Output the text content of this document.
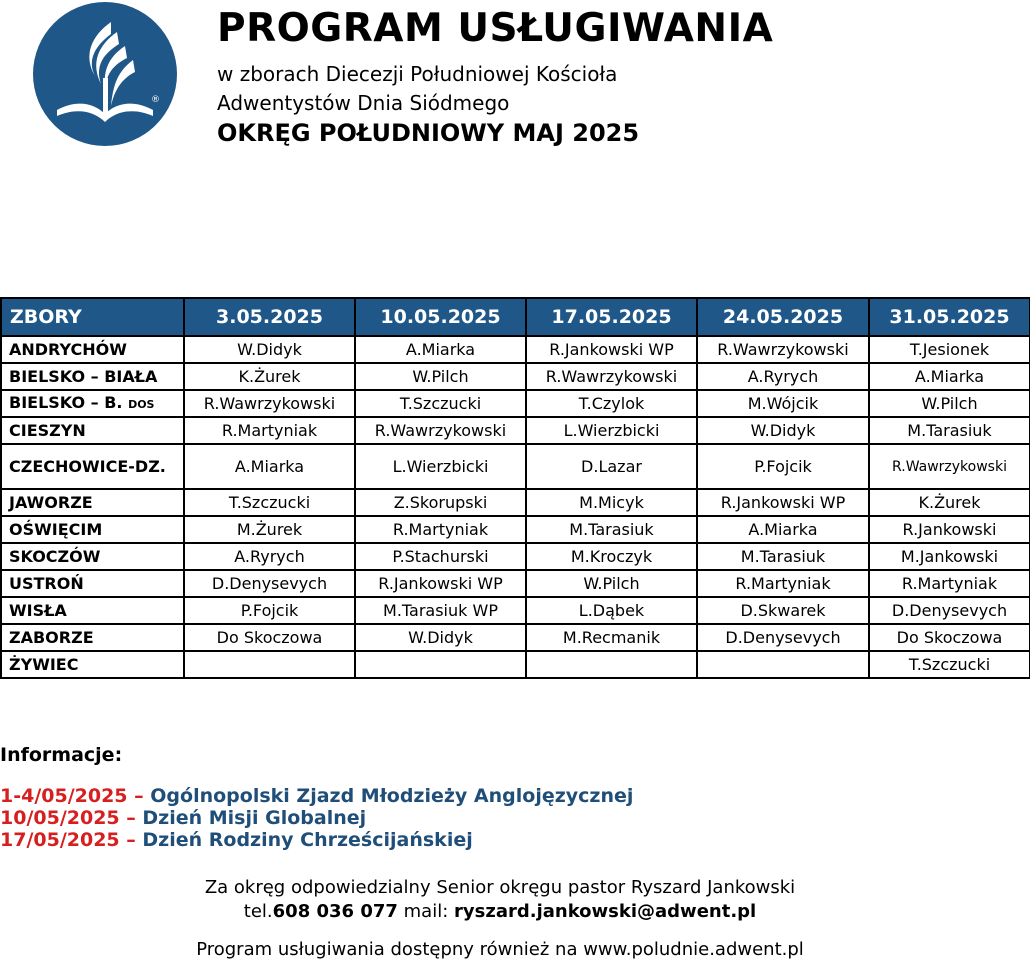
®
PROGRAM USŁUGIWANIA
w zborach Diecezji Południowej Kościoła
Adwentystów Dnia Siódmego
OKRĘG POŁUDNIOWY MAJ 2025
ZBORY	3.05.2025	10.05.2025	17.05.2025	24.05.2025	31.05.2025
ANDRYCHÓW	W.Didyk	A.Miarka	R.Jankowski WP	R.Wawrzykowski	T.Jesionek
BIELSKO – BIAŁA	K.Żurek	W.Pilch	R.Wawrzykowski	A.Ryrych	A.Miarka
BIELSKO – B. DOS	R.Wawrzykowski	T.Szczucki	T.Czylok	M.Wójcik	W.Pilch
CIESZYN	R.Martyniak	R.Wawrzykowski	L.Wierzbicki	W.Didyk	M.Tarasiuk
CZECHOWICE-DZ.	A.Miarka	L.Wierzbicki	D.Lazar	P.Fojcik	R.Wawrzykowski
JAWORZE	T.Szczucki	Z.Skorupski	M.Micyk	R.Jankowski WP	K.Żurek
OŚWIĘCIM	M.Żurek	R.Martyniak	M.Tarasiuk	A.Miarka	R.Jankowski
SKOCZÓW	A.Ryrych	P.Stachurski	M.Kroczyk	M.Tarasiuk	M.Jankowski
USTROŃ	D.Denysevych	R.Jankowski WP	W.Pilch	R.Martyniak	R.Martyniak
WISŁA	P.Fojcik	M.Tarasiuk WP	L.Dąbek	D.Skwarek	D.Denysevych
ZABORZE	Do Skoczowa	W.Didyk	M.Recmanik	D.Denysevych	Do Skoczowa
ŻYWIEC					T.Szczucki
Informacje:
1-4/05/2025 – Ogólnopolski Zjazd Młodzieży Anglojęzycznej
10/05/2025 – Dzień Misji Globalnej
17/05/2025 – Dzień Rodziny Chrześcijańskiej
Za okręg odpowiedzialny Senior okręgu pastor Ryszard Jankowski
tel.608 036 077 mail: ryszard.jankowski@adwent.pl
Program usługiwania dostępny również na www.poludnie.adwent.pl
